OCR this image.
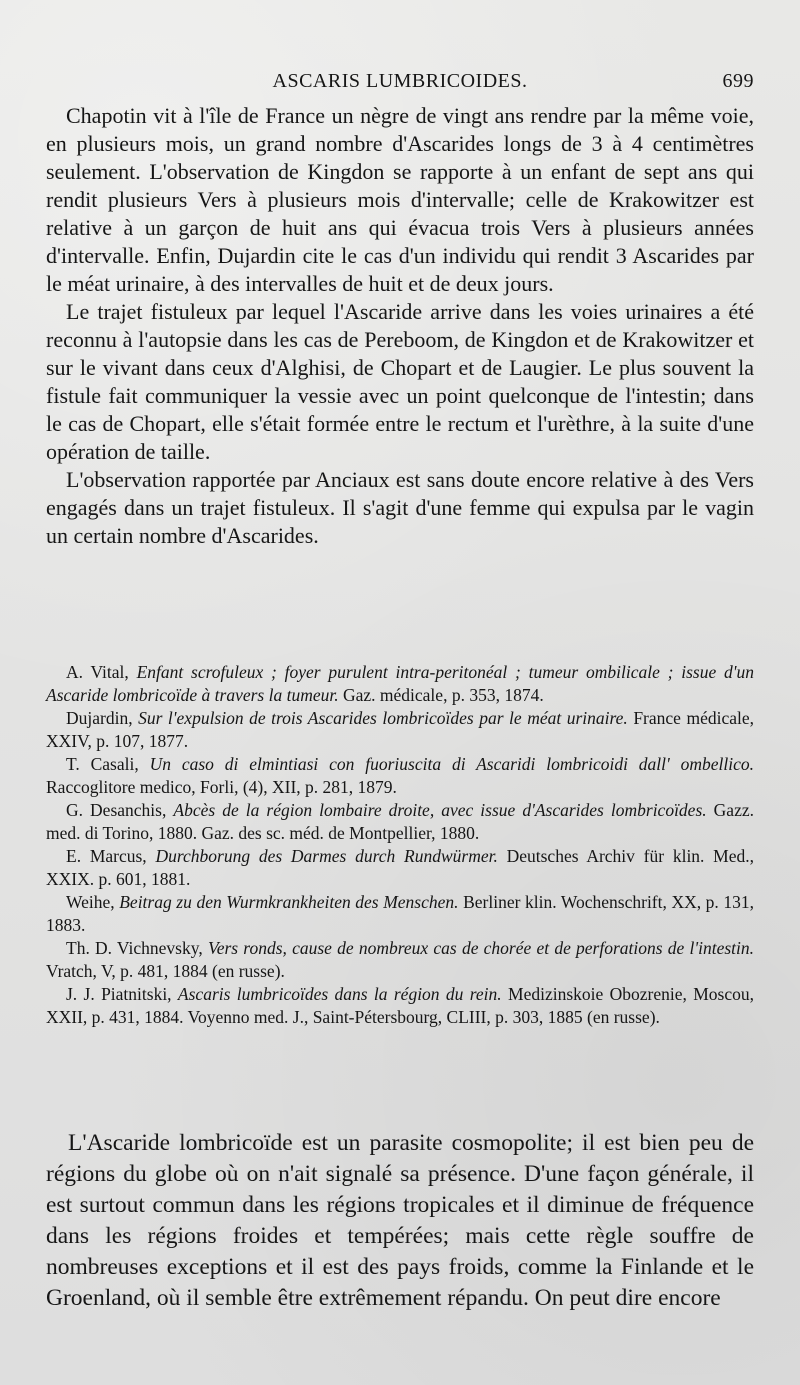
ASCARIS LUMBRICOIDES.	699

Chapotin vit à l'île de France un nègre de vingt ans rendre par la même voie, en plusieurs mois, un grand nombre d'Ascarides longs de 3 à 4 centimètres seulement. L'observation de Kingdon se rapporte à un enfant de sept ans qui rendit plusieurs Vers à plusieurs mois d'intervalle; celle de Krakowitzer est relative à un garçon de huit ans qui évacua trois Vers à plusieurs années d'intervalle. Enfin, Dujardin cite le cas d'un individu qui rendit 3 Ascarides par le méat urinaire, à des intervalles de huit et de deux jours.

Le trajet fistuleux par lequel l'Ascaride arrive dans les voies urinaires a été reconnu à l'autopsie dans les cas de Pereboom, de Kingdon et de Krakowitzer et sur le vivant dans ceux d'Alghisi, de Chopart et de Laugier. Le plus souvent la fistule fait communiquer la vessie avec un point quelconque de l'intestin; dans le cas de Chopart, elle s'était formée entre le rectum et l'urèthre, à la suite d'une opération de taille.

L'observation rapportée par Anciaux est sans doute encore relative à des Vers engagés dans un trajet fistuleux. Il s'agit d'une femme qui expulsa par le vagin un certain nombre d'Ascarides.

A. Vital, Enfant scrofuleux ; foyer purulent intra-peritonéal ; tumeur ombilicale ; issue d'un Ascaride lombricoïde à travers la tumeur. Gaz. médicale, p. 353, 1874.

Dujardin, Sur l'expulsion de trois Ascarides lombricoïdes par le méat urinaire. France médicale, XXIV, p. 107, 1877.

T. Casali, Un caso di elmintiasi con fuoriuscita di Ascaridi lombricoidi dall' ombellico. Raccoglitore medico, Forli, (4), XII, p. 281, 1879.

G. Desanchis, Abcès de la région lombaire droite, avec issue d'Ascarides lombricoïdes. Gazz. med. di Torino, 1880. Gaz. des sc. méd. de Montpellier, 1880.

E. Marcus, Durchborung des Darmes durch Rundwürmer. Deutsches Archiv für klin. Med., XXIX. p. 601, 1881.

Weihe, Beitrag zu den Wurmkrankheiten des Menschen. Berliner klin. Wochenschrift, XX, p. 131, 1883.

Th. D. Vichnevsky, Vers ronds, cause de nombreux cas de chorée et de perforations de l'intestin. Vratch, V, p. 481, 1884 (en russe).

J. J. Piatnitski, Ascaris lumbricoïdes dans la région du rein. Medizinskoie Obozrenie, Moscou, XXII, p. 431, 1884. Voyenno med. J., Saint-Pétersbourg, CLIII, p. 303, 1885 (en russe).

L'Ascaride lombricoïde est un parasite cosmopolite; il est bien peu de régions du globe où on n'ait signalé sa présence. D'une façon générale, il est surtout commun dans les régions tropicales et il diminue de fréquence dans les régions froides et tempérées; mais cette règle souffre de nombreuses exceptions et il est des pays froids, comme la Finlande et le Groenland, où il semble être extrêmement répandu. On peut dire encore
